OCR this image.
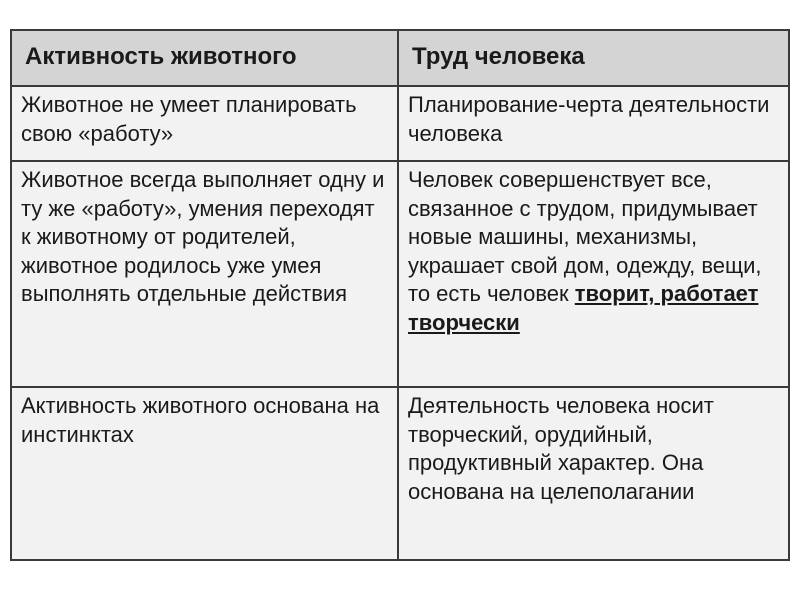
Активность животного	Труд человека
Животное не умеет планировать свою «работу»	Планирование-черта деятельности человека
Животное всегда выполняет одну и ту же «работу», умения переходят к животному от родителей, животное родилось уже умея выполнять отдельные действия	Человек совершенствует все, связанное с трудом, придумывает новые машины, механизмы, украшает свой дом, одежду, вещи, то есть человек творит, работает творчески
Активность животного основана на инстинктах	Деятельность человека носит творческий, орудийный, продуктивный характер. Она основана на целеполагании
